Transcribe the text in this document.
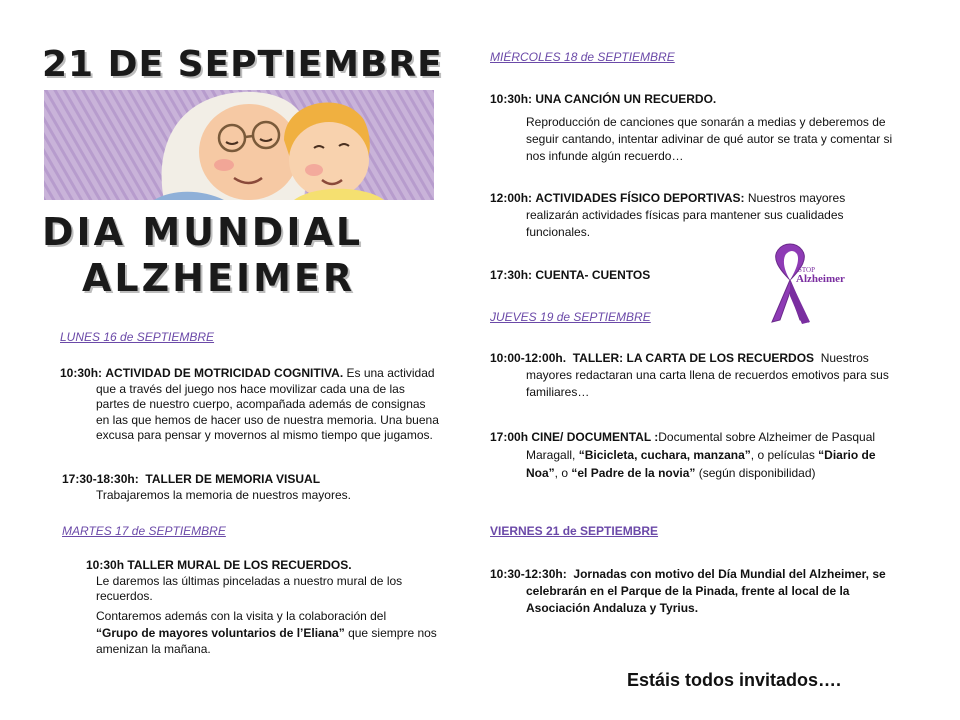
21 DE SEPTIEMBRE
DIA MUNDIAL
ALZHEIMER
LUNES 16 de SEPTIEMBRE

10:30h: ACTIVIDAD DE MOTRICIDAD COGNITIVA. Es una actividad que a través del juego nos hace movilizar cada una de las partes de nuestro cuerpo, acompañada además de consignas en las que hemos de hacer uso de nuestra memoria. Una buena excusa para pensar y movernos al mismo tiempo que jugamos.

17:30-18:30h: TALLER DE MEMORIA VISUAL

Trabajaremos la memoria de nuestros mayores.

MARTES 17 de SEPTIEMBRE

10:30h TALLER MURAL DE LOS RECUERDOS.

Le daremos las últimas pinceladas a nuestro mural de los recuerdos.

Contaremos además con la visita y la colaboración del

“Grupo de mayores voluntarios de l’Eliana” que siempre nos amenizan la mañana.

MIÉRCOLES 18 de SEPTIEMBRE

10:30h: UNA CANCIÓN UN RECUERDO.

Reproducción de canciones que sonarán a medias y deberemos de seguir cantando, intentar adivinar de qué autor se trata y comentar si nos infunde algún recuerdo…

12:00h: ACTIVIDADES FÍSICO DEPORTIVAS: Nuestros mayores realizarán actividades físicas para mantener sus cualidades funcionales.

17:30h: CUENTA- CUENTOS	STOP
Alzheimer
JUEVES 19 de SEPTIEMBRE

10:00-12:00h. TALLER: LA CARTA DE LOS RECUERDOS Nuestros mayores redactaran una carta llena de recuerdos emotivos para sus familiares…

17:00h CINE/ DOCUMENTAL :Documental sobre Alzheimer de Pasqual Maragall, “Bicicleta, cuchara, manzana”, o películas “Diario de Noa”, o “el Padre de la novia” (según disponibilidad)

VIERNES 21 de SEPTIEMBRE

10:30-12:30h: Jornadas con motivo del Día Mundial del Alzheimer, se celebrarán en el Parque de la Pinada, frente al local de la Asociación Andaluza y Tyrius.

Estáis todos invitados….
